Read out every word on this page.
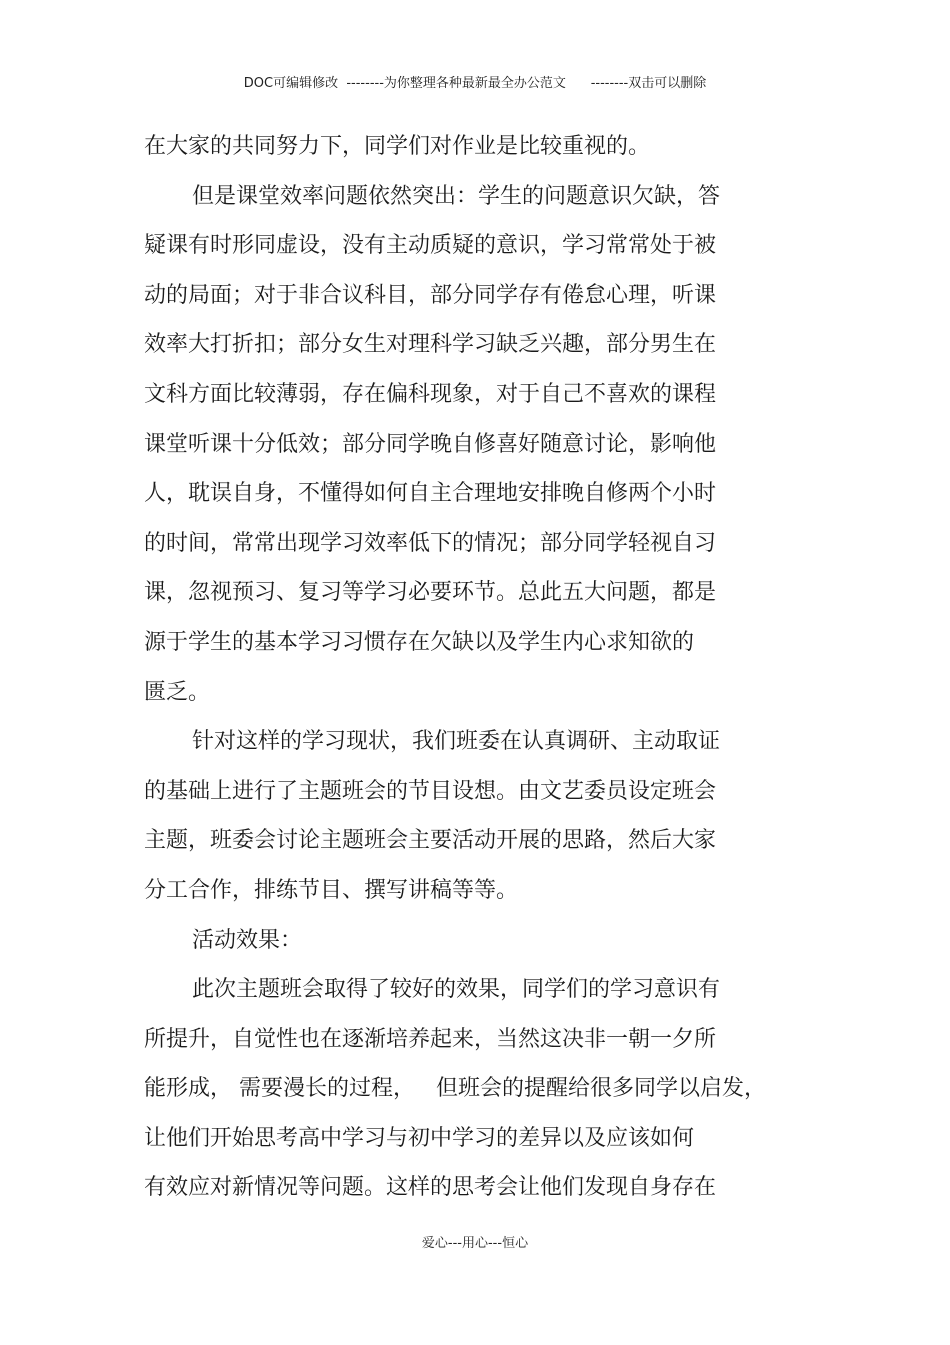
DOC可编辑修改 --------为你整理各种最新最全办公范文 --------双击可以删除
在大家的共同努力下，同学们对作业是比较重视的。
但是课堂效率问题依然突出：学生的问题意识欠缺，答
疑课有时形同虚设，没有主动质疑的意识，学习常常处于被
动的局面；对于非合议科目，部分同学存有倦怠心理，听课
效率大打折扣；部分女生对理科学习缺乏兴趣，部分男生在
文科方面比较薄弱，存在偏科现象，对于自己不喜欢的课程
课堂听课十分低效；部分同学晚自修喜好随意讨论，影响他
人，耽误自身，不懂得如何自主合理地安排晚自修两个小时
的时间，常常出现学习效率低下的情况；部分同学轻视自习
课，忽视预习、复习等学习必要环节。总此五大问题，都是
源于学生的基本学习习惯存在欠缺以及学生内心求知欲的
匮乏。
针对这样的学习现状，我们班委在认真调研、主动取证
的基础上进行了主题班会的节目设想。由文艺委员设定班会
主题，班委会讨论主题班会主要活动开展的思路，然后大家
分工合作，排练节目、撰写讲稿等等。
活动效果：
此次主题班会取得了较好的效果，同学们的学习意识有
所提升，自觉性也在逐渐培养起来，当然这决非一朝一夕所
能形成， 需要漫长的过程，   但班会的提醒给很多同学以启发，
让他们开始思考高中学习与初中学习的差异以及应该如何
有效应对新情况等问题。这样的思考会让他们发现自身存在
爱心---用心---恒心
